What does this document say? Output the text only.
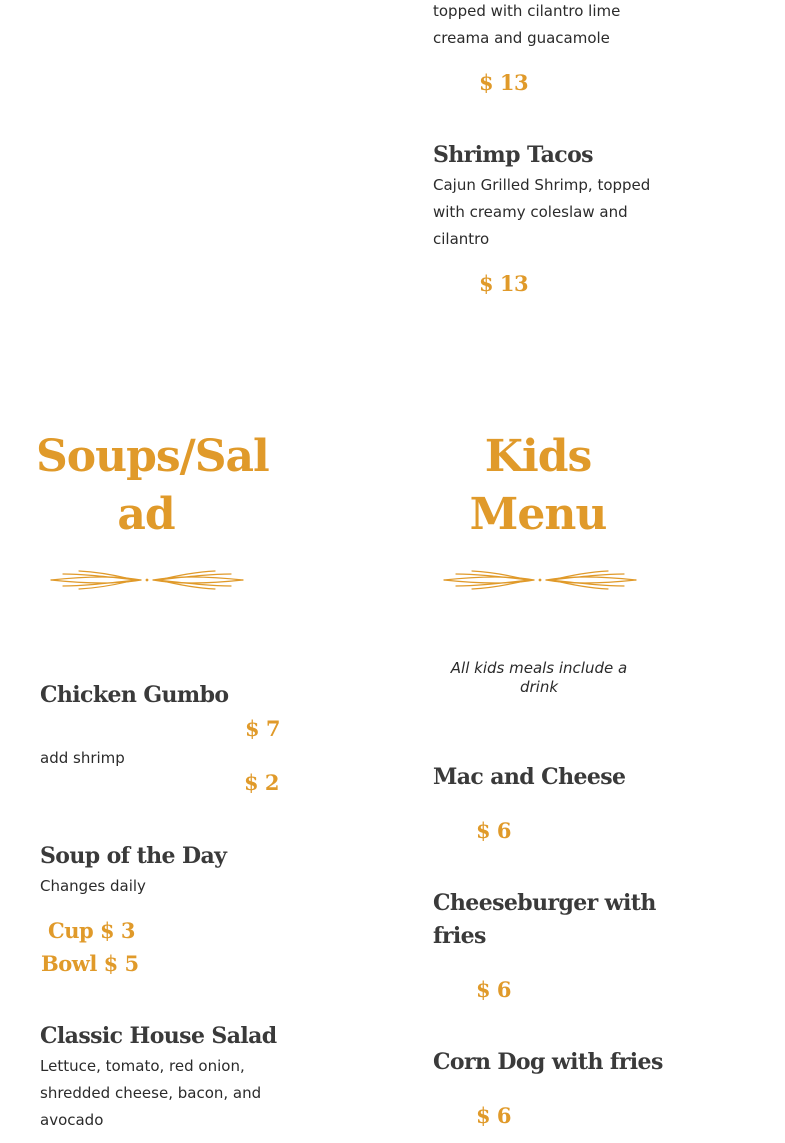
topped with cilantro lime creama and guacamole

$ 13

Shrimp Tacos

Cajun Grilled Shrimp, topped with creamy coleslaw and cilantro

$ 13

Soups/Sal

ad

Chicken Gumbo

$ 7

add shrimp

$ 2

Soup of the Day

Changes daily

Cup $ 3

Bowl $ 5

Classic House Salad

Lettuce, tomato, red onion, shredded cheese, bacon, and avocado

Kids

Menu

All kids meals include a drink

Mac and Cheese

$ 6

Cheeseburger with fries

$ 6

Corn Dog with fries

$ 6
